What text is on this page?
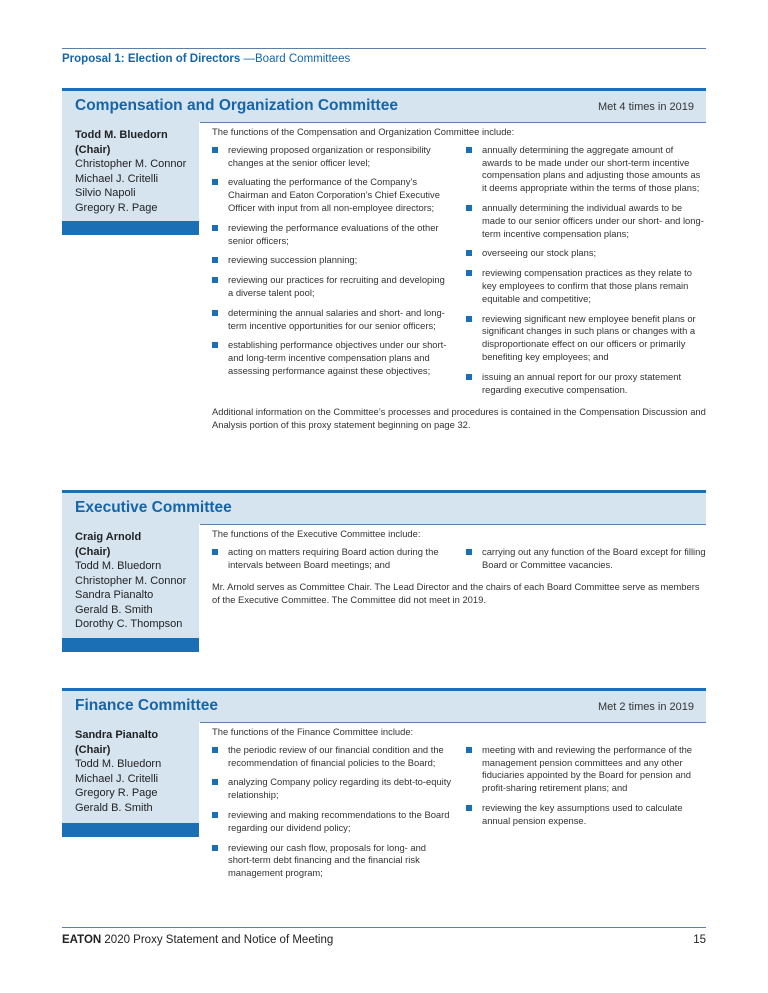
Proposal 1: Election of Directors —Board Committees
Compensation and Organization Committee	Met 4 times in 2019
Todd M. Bluedorn
(Chair)
Christopher M. Connor
Michael J. Critelli
Silvio Napoli
Gregory R. Page
The functions of the Compensation and Organization Committee include:
reviewing proposed organization or responsibility changes at the senior officer level;
evaluating the performance of the Company’s Chairman and Eaton Corporation’s Chief Executive Officer with input from all non-employee directors;
reviewing the performance evaluations of the other senior officers;
reviewing succession planning;
reviewing our practices for recruiting and developing a diverse talent pool;
determining the annual salaries and short- and long-term incentive opportunities for our senior officers;
establishing performance objectives under our short- and long-term incentive compensation plans and assessing performance against these objectives;
annually determining the aggregate amount of awards to be made under our short-term incentive compensation plans and adjusting those amounts as it deems appropriate within the terms of those plans;
annually determining the individual awards to be made to our senior officers under our short- and long-term incentive compensation plans;
overseeing our stock plans;
reviewing compensation practices as they relate to key employees to confirm that those plans remain equitable and competitive;
reviewing significant new employee benefit plans or significant changes in such plans or changes with a disproportionate effect on our officers or primarily benefiting key employees; and
issuing an annual report for our proxy statement regarding executive compensation.
Additional information on the Committee’s processes and procedures is contained in the Compensation Discussion and Analysis portion of this proxy statement beginning on page 32.
Executive Committee
Craig Arnold
(Chair)
Todd M. Bluedorn
Christopher M. Connor
Sandra Pianalto
Gerald B. Smith
Dorothy C. Thompson
The functions of the Executive Committee include:
acting on matters requiring Board action during the intervals between Board meetings; and
carrying out any function of the Board except for filling Board or Committee vacancies.
Mr. Arnold serves as Committee Chair. The Lead Director and the chairs of each Board Committee serve as members of the Executive Committee. The Committee did not meet in 2019.
Finance Committee	Met 2 times in 2019
Sandra Pianalto
(Chair)
Todd M. Bluedorn
Michael J. Critelli
Gregory R. Page
Gerald B. Smith
The functions of the Finance Committee include:
the periodic review of our financial condition and the recommendation of financial policies to the Board;
analyzing Company policy regarding its debt-to-equity relationship;
reviewing and making recommendations to the Board regarding our dividend policy;
reviewing our cash flow, proposals for long- and short-term debt financing and the financial risk management program;
meeting with and reviewing the performance of the management pension committees and any other fiduciaries appointed by the Board for pension and profit-sharing retirement plans; and
reviewing the key assumptions used to calculate annual pension expense.
EATON 2020 Proxy Statement and Notice of Meeting	15
